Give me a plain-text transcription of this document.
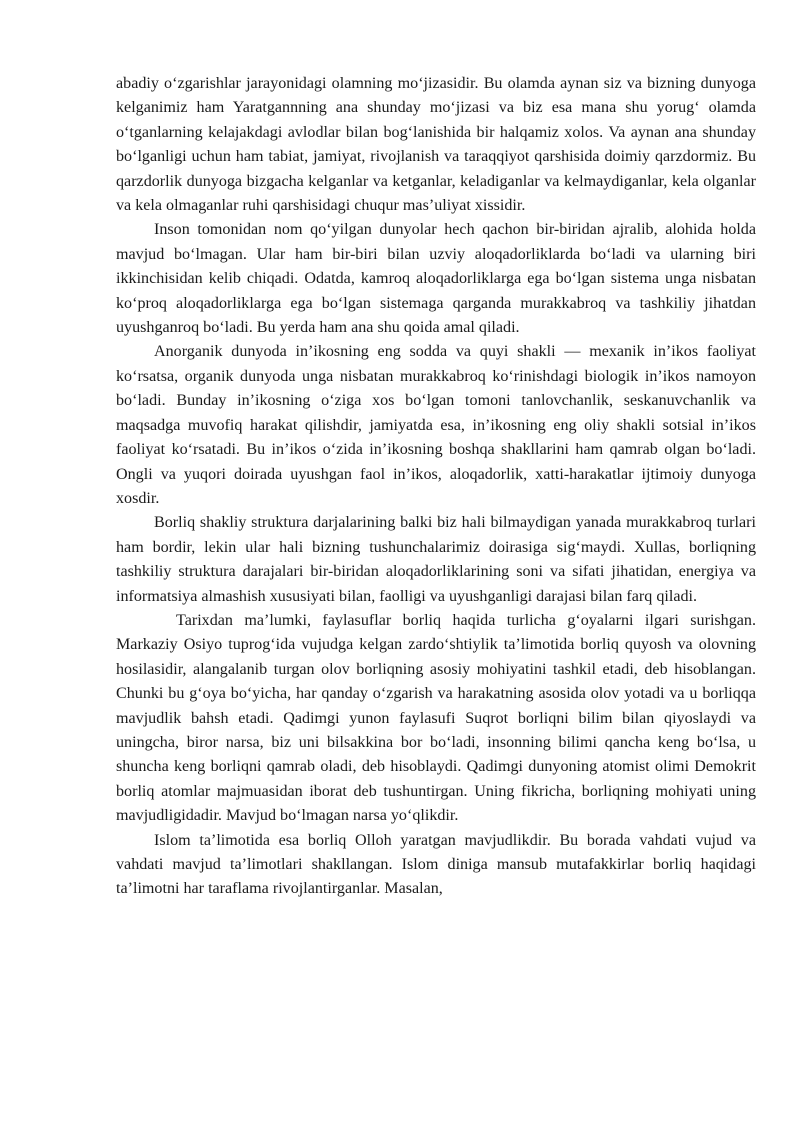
abadiy o‘zgarishlar jarayonidagi olamning mo‘jizasidir. Bu olamda aynan siz va bizning dunyoga kelganimiz ham Yaratgannning ana shunday mo‘jizasi va biz esa mana shu yorug‘ olamda o‘tganlarning kelajakdagi avlodlar bilan bog‘lanishida bir halqamiz xolos. Va aynan ana shunday bo‘lganligi uchun ham tabiat, jamiyat, rivojlanish va taraqqiyot qarshisida doimiy qarzdormiz. Bu qarzdorlik dunyoga bizgacha kelganlar va ketganlar, keladiganlar va kelmaydiganlar, kela olganlar va kela olmaganlar ruhi qarshisidagi chuqur mas’uliyat xissidir.

Inson tomonidan nom qo‘yilgan dunyolar hech qachon bir-biridan ajralib, alohida holda mavjud bo‘lmagan. Ular ham bir-biri bilan uzviy aloqadorliklarda bo‘ladi va ularning biri ikkinchisidan kelib chiqadi. Odatda, kamroq aloqadorliklarga ega bo‘lgan sistema unga nisbatan ko‘proq aloqadorliklarga ega bo‘lgan sistemaga qarganda murakkabroq va tashkiliy jihatdan uyushganroq bo‘ladi. Bu yerda ham ana shu qoida amal qiladi.

Anorganik dunyoda in’ikosning eng sodda va quyi shakli — mexanik in’ikos faoliyat ko‘rsatsa, organik dunyoda unga nisbatan murakkabroq ko‘rinishdagi biologik in’ikos namoyon bo‘ladi. Bunday in’ikosning o‘ziga xos bo‘lgan tomoni tanlovchanlik, seskanuvchanlik va maqsadga muvofiq harakat qilishdir, jamiyatda esa, in’ikosning eng oliy shakli sotsial in’ikos faoliyat ko‘rsatadi. Bu in’ikos o‘zida in’ikosning boshqa shakllarini ham qamrab olgan bo‘ladi. Ongli va yuqori doirada uyushgan faol in’ikos, aloqadorlik, xatti-harakatlar ijtimoiy dunyoga xosdir.

Borliq shakliy struktura darjalarining balki biz hali bilmaydigan yanada murakkabroq turlari ham bordir, lekin ular hali bizning tushunchalarimiz doirasiga sig‘maydi. Xullas, borliqning tashkiliy struktura darajalari bir-biridan aloqadorliklarining soni va sifati jihatidan, energiya va informatsiya almashish xususiyati bilan, faolligi va uyushganligi darajasi bilan farq qiladi.

Tarixdan ma’lumki, faylasuflar borliq haqida turlicha g‘oyalarni ilgari surishgan. Markaziy Osiyo tuprog‘ida vujudga kelgan zardo‘shtiylik ta’limotida borliq quyosh va olovning hosilasidir, alangalanib turgan olov borliqning asosiy mohiyatini tashkil etadi, deb hisoblangan. Chunki bu g‘oya bo‘yicha, har qanday o‘zgarish va harakatning asosida olov yotadi va u borliqqa mavjudlik bahsh etadi. Qadimgi yunon faylasufi Suqrot borliqni bilim bilan qiyoslaydi va uningcha, biror narsa, biz uni bilsakkina bor bo‘ladi, insonning bilimi qancha keng bo‘lsa, u shuncha keng borliqni qamrab oladi, deb hisoblaydi. Qadimgi dunyoning atomist olimi Demokrit borliq atomlar majmuasidan iborat deb tushuntirgan. Uning fikricha, borliqning mohiyati uning mavjudligidadir. Mavjud bo‘lmagan narsa yo‘qlikdir.

Islom ta’limotida esa borliq Olloh yaratgan mavjudlikdir. Bu borada vahdati vujud va vahdati mavjud ta’limotlari shakllangan. Islom diniga mansub mutafakkirlar borliq haqidagi ta’limotni har taraflama rivojlantirganlar. Masalan,
